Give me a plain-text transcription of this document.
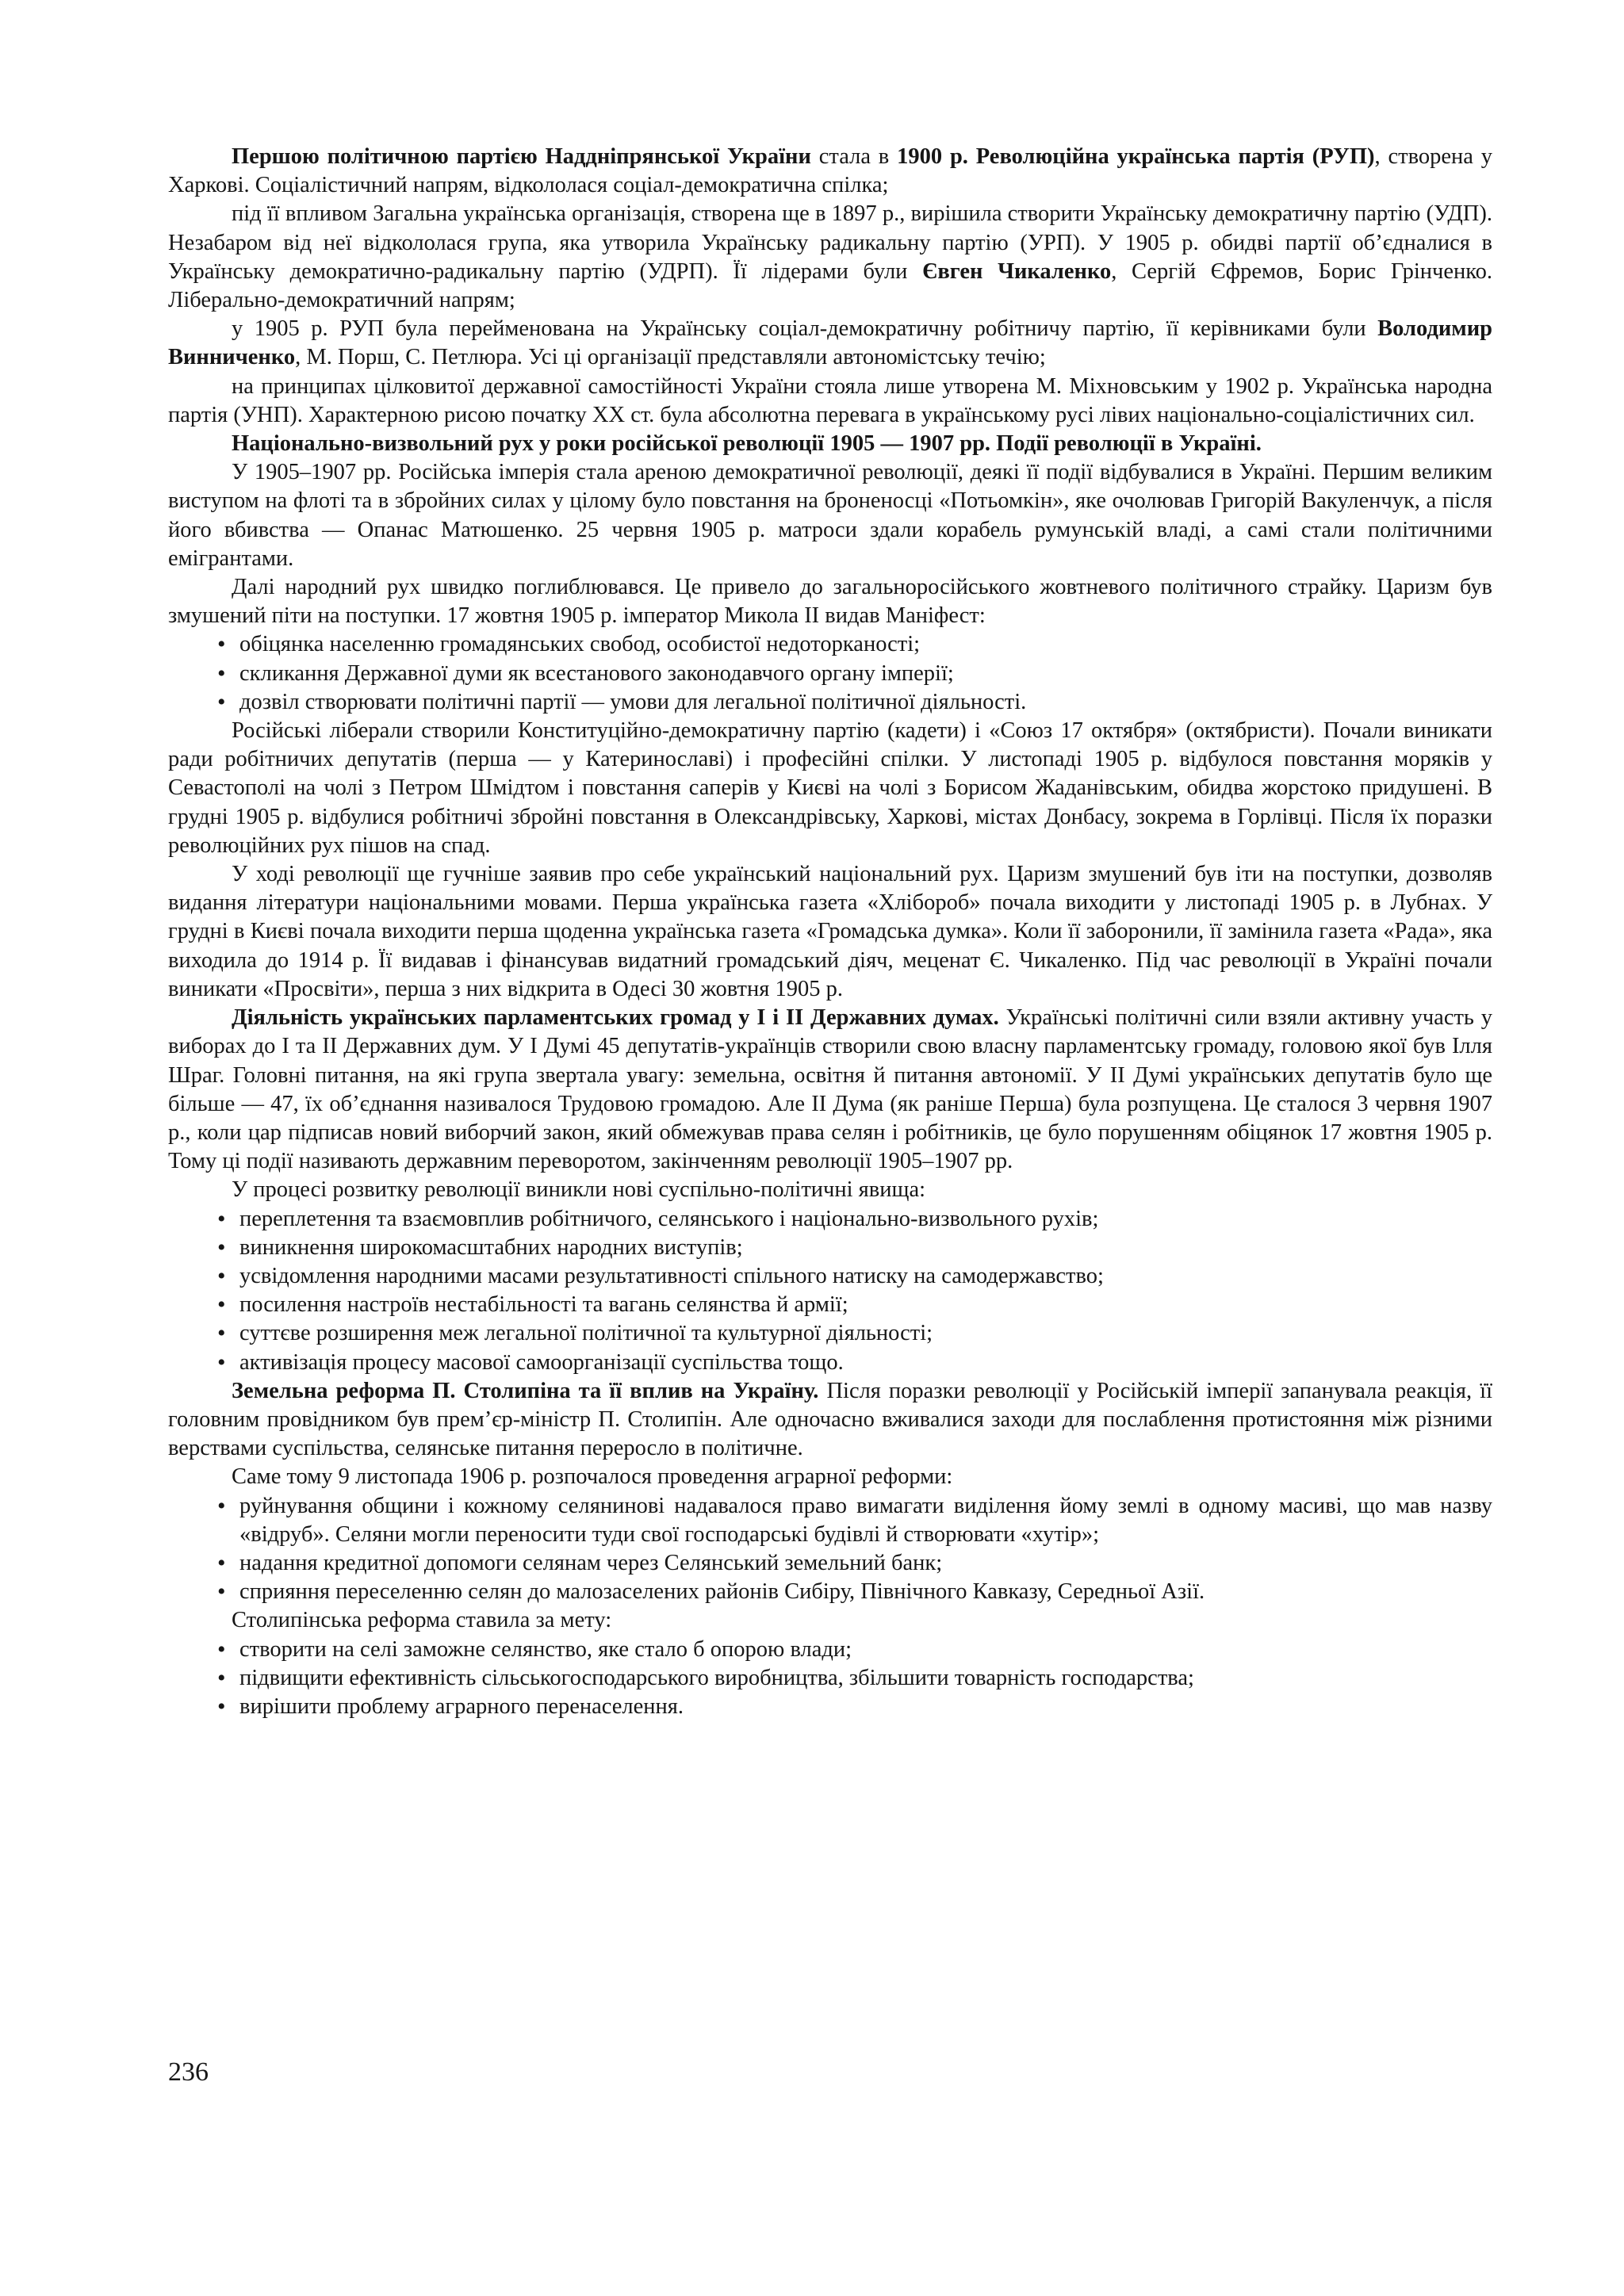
Першою політичною партією Наддніпрянської України стала в 1900 р. Революційна українська партія (РУП), створена у Харкові. Соціалістичний напрям, відкололася соціал-демократична спілка;

під її впливом Загальна українська організація, створена ще в 1897 р., вирішила створити Українську демократичну партію (УДП). Незабаром від неї відкололася група, яка утворила Українську радикальну партію (УРП). У 1905 р. обидві партії об’єдналися в Українську демократично-радикальну партію (УДРП). Її лідерами були Євген Чикаленко, Сергій Єфремов, Борис Грінченко. Ліберально-демократичний напрям;

у 1905 р. РУП була перейменована на Українську соціал-демократичну робітничу партію, її керівниками були Володимир Винниченко, М. Порш, С. Петлюра. Усі ці організації представляли автономістську течію;

на принципах цілковитої державної самостійності України стояла лише утворена М. Міхновським у 1902 р. Українська народна партія (УНП). Характерною рисою початку XX ст. була абсолютна перевага в українському русі лівих національно-соціалістичних сил.

Національно-визвольний рух у роки російської революції 1905 — 1907 рр. Події революції в Україні.

У 1905–1907 рр. Російська імперія стала ареною демократичної революції, деякі її події відбувалися в Україні. Першим великим виступом на флоті та в збройних силах у цілому було повстання на броненосці «Потьомкін», яке очолював Григорій Вакуленчук, а після його вбивства — Опанас Матюшенко. 25 червня 1905 р. матроси здали корабель румунській владі, а самі стали політичними емігрантами.

Далі народний рух швидко поглиблювався. Це привело до загальноросійського жовтневого політичного страйку. Царизм був змушений піти на поступки. 17 жовтня 1905 р. імператор Микола II видав Маніфест:

• обіцянка населенню громадянських свобод, особистої недоторканості;
• скликання Державної думи як всестанового законодавчого органу імперії;
• дозвіл створювати політичні партії — умови для легальної політичної діяльності.

Російські ліберали створили Конституційно-демократичну партію (кадети) і «Союз 17 октября» (октябристи). Почали виникати ради робітничих депутатів (перша — у Катеринославі) і професійні спілки. У листопаді 1905 р. відбулося повстання моряків у Севастополі на чолі з Петром Шмідтом і повстання саперів у Києві на чолі з Борисом Жаданівським, обидва жорстоко придушені. В грудні 1905 р. відбулися робітничі збройні повстання в Олександрівську, Харкові, містах Донбасу, зокрема в Горлівці. Після їх поразки революційних рух пішов на спад.

У ході революції ще гучніше заявив про себе український національний рух. Царизм змушений був іти на поступки, дозволяв видання літератури національними мовами. Перша українська газета «Хлібороб» почала виходити у листопаді 1905 р. в Лубнах. У грудні в Києві почала виходити перша щоденна українська газета «Громадська думка». Коли її заборонили, її замінила газета «Рада», яка виходила до 1914 р. Її видавав і фінансував видатний громадський діяч, меценат Є. Чикаленко. Під час революції в Україні почали виникати «Просвіти», перша з них відкрита в Одесі 30 жовтня 1905 р.

Діяльність українських парламентських громад у І і ІІ Державних думах. Українські політичні сили взяли активну участь у виборах до І та ІІ Державних дум. У І Думі 45 депутатів-українців створили свою власну парламентську громаду, головою якої був Ілля Шраг. Головні питання, на які група звертала увагу: земельна, освітня й питання автономії. У ІІ Думі українських депутатів було ще більше — 47, їх об’єднання називалося Трудовою громадою. Але ІІ Дума (як раніше Перша) була розпущена. Це сталося 3 червня 1907 р., коли цар підписав новий виборчий закон, який обмежував права селян і робітників, це було порушенням обіцянок 17 жовтня 1905 р. Тому ці події називають державним переворотом, закінченням революції 1905–1907 рр.

У процесі розвитку революції виникли нові суспільно-політичні явища:

• переплетення та взаємовплив робітничого, селянського і національно-визвольного рухів;
• виникнення широкомасштабних народних виступів;
• усвідомлення народними масами результативності спільного натиску на самодержавство;
• посилення настроїв нестабільності та вагань селянства й армії;
• суттєве розширення меж легальної політичної та культурної діяльності;
• активізація процесу масової самоорганізації суспільства тощо.

Земельна реформа П. Столипіна та її вплив на Україну. Після поразки революції у Російській імперії запанувала реакція, її головним провідником був прем’єр-міністр П. Столипін. Але одночасно вживалися заходи для послаблення протистояння між різними верствами суспільства, селянське питання переросло в політичне.

Саме тому 9 листопада 1906 р. розпочалося проведення аграрної реформи:

• руйнування общини і кожному селянинові надавалося право вимагати виділення йому землі в одному масиві, що мав назву «відруб». Селяни могли переносити туди свої господарські будівлі й створювати «хутір»;
• надання кредитної допомоги селянам через Селянський земельний банк;
• сприяння переселенню селян до малозаселених районів Сибіру, Північного Кавказу, Середньої Азії.

Столипінська реформа ставила за мету:

• створити на селі заможне селянство, яке стало б опорою влади;
• підвищити ефективність сільськогосподарського виробництва, збільшити товарність господарства;
• вирішити проблему аграрного перенаселення.
236
